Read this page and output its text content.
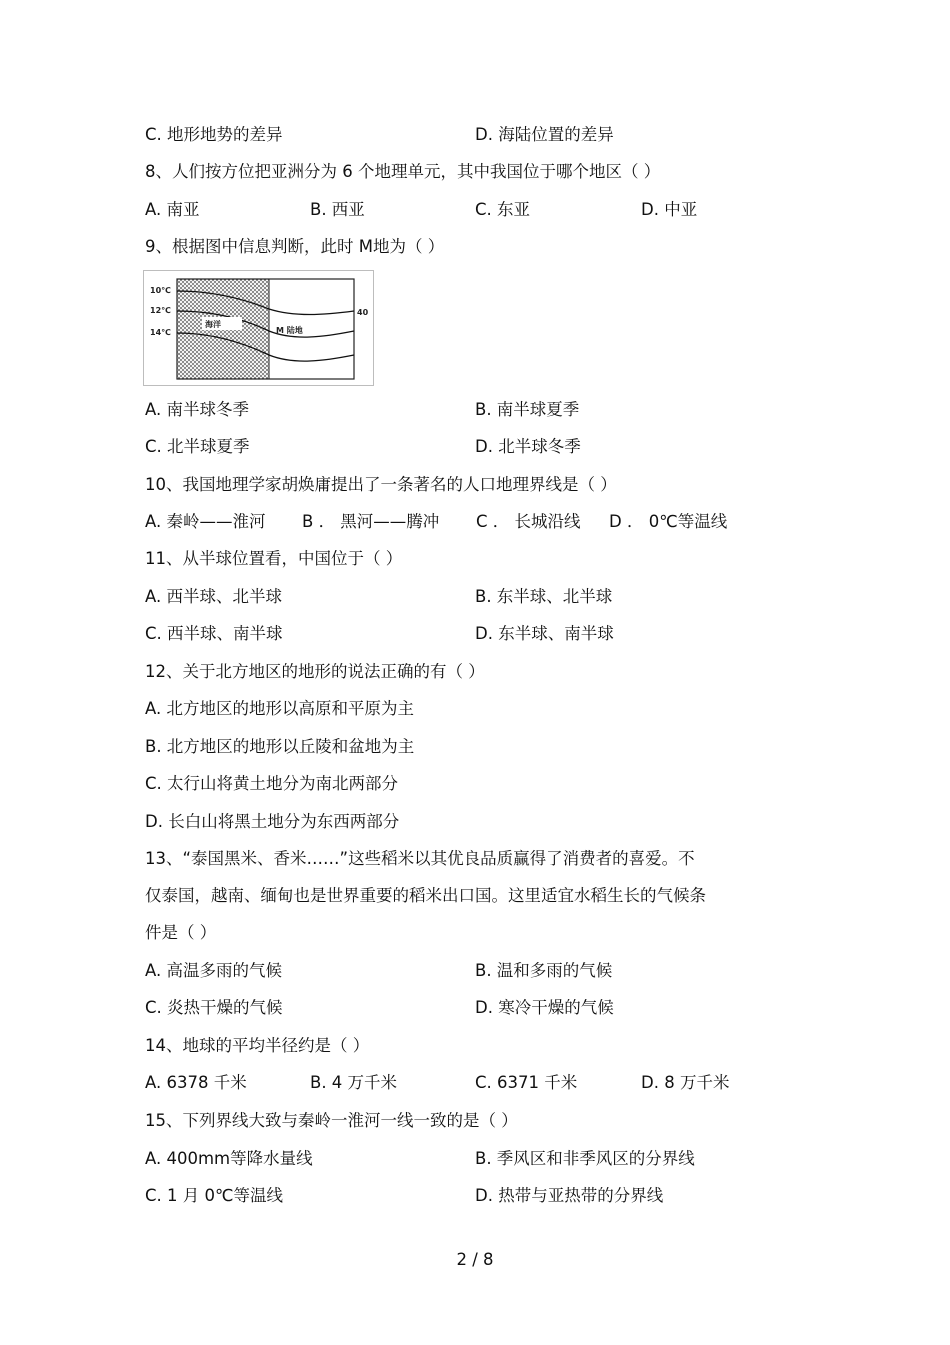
C. 地形地势的差异	D. 海陆位置的差异
8、人们按方位把亚洲分为 6 个地理单元，其中我国位于哪个地区（ ）
A. 南亚	B. 西亚	C. 东亚	D. 中亚
9、根据图中信息判断，此时 M地为（ ）
10℃
12℃
14℃
海洋
M 陆地
40
A. 南半球冬季	B. 南半球夏季
C. 北半球夏季	D. 北半球冬季
10、我国地理学家胡焕庸提出了一条著名的人口地理界线是（ ）
A. 秦岭——淮河 B ． 黑河——腾冲 C ． 长城沿线 D ． 0℃等温线
11、从半球位置看，中国位于（ ）
A. 西半球、北半球	B. 东半球、北半球
C. 西半球、南半球	D. 东半球、南半球
12、关于北方地区的地形的说法正确的有（ ）
A. 北方地区的地形以高原和平原为主
B. 北方地区的地形以丘陵和盆地为主
C. 太行山将黄土地分为南北两部分
D. 长白山将黑土地分为东西两部分
13、“泰国黑米、香米……”这些稻米以其优良品质赢得了消费者的喜爱。不
仅泰国，越南、缅甸也是世界重要的稻米出口国。这里适宜水稻生长的气候条
件是（ ）
A. 高温多雨的气候	B. 温和多雨的气候
C. 炎热干燥的气候	D. 寒冷干燥的气候
14、地球的平均半径约是（ ）
A. 6378 千米	B. 4 万千米	C. 6371 千米	D. 8 万千米
15、下列界线大致与秦岭一淮河一线一致的是（ ）
A. 400mm等降水量线	B. 季风区和非季风区的分界线
C. 1 月 0℃等温线	D. 热带与亚热带的分界线
2 / 8
